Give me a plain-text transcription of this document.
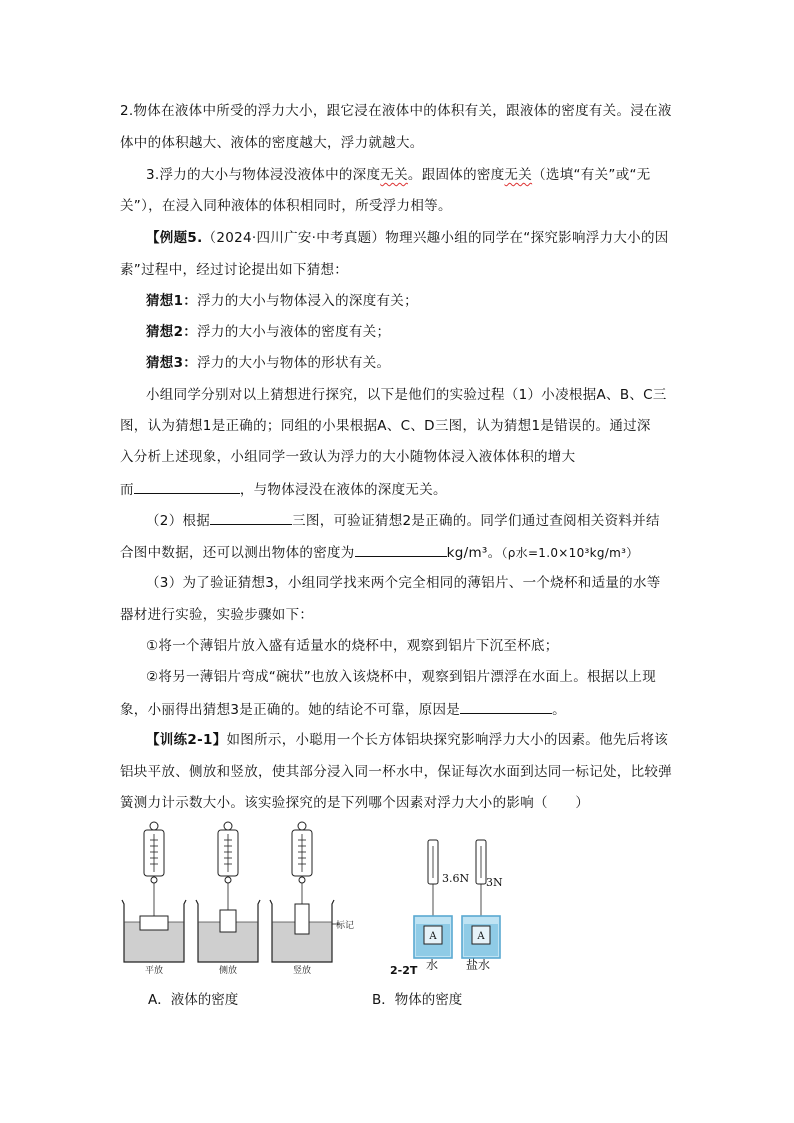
2.物体在液体中所受的浮力大小，跟它浸在液体中的体积有关，跟液体的密度有关。浸在液
体中的体积越大、液体的密度越大，浮力就越大。
3.浮力的大小与物体浸没液体中的深度无关。跟固体的密度无关（选填“有关”或“无
关”），在浸入同种液体的体积相同时，所受浮力相等。
【例题5.（2024·四川广安·中考真题）物理兴趣小组的同学在“探究影响浮力大小的因
素”过程中，经过讨论提出如下猜想：
猜想1：浮力的大小与物体浸入的深度有关；
猜想2：浮力的大小与液体的密度有关；
猜想3：浮力的大小与物体的形状有关。
小组同学分别对以上猜想进行探究，以下是他们的实验过程（1）小凌根据A、B、C三
图，认为猜想1是正确的；同组的小果根据A、C、D三图，认为猜想1是错误的。通过深
入分析上述现象，小组同学一致认为浮力的大小随物体浸入液体体积的增大
而	，与物体浸没在液体的深度无关。
（2）根据	三图，可验证猜想2是正确的。同学们通过查阅相关资料并结
合图中数据，还可以测出物体的密度为	kg/m³。（ρ水=1.0×10³kg/m³）
（3）为了验证猜想3，小组同学找来两个完全相同的薄铝片、一个烧杯和适量的水等
器材进行实验，实验步骤如下：
①将一个薄铝片放入盛有适量水的烧杯中，观察到铝片下沉至杯底；
②将另一薄铝片弯成“碗状”也放入该烧杯中，观察到铝片漂浮在水面上。根据以上现
象，小丽得出猜想3是正确的。她的结论不可靠，原因是	。
【训练2-1】如图所示，小聪用一个长方体铝块探究影响浮力大小的因素。他先后将该
铝块平放、侧放和竖放，使其部分浸入同一杯水中，保证每次水面到达同一标记处，比较弹
簧测力计示数大小。该实验探究的是下列哪个因素对浮力大小的影响（　　）
标记
平放	侧放	竖放
3.6N 3N
A	A
2-2T 水 盐水
A．液体的密度	B．物体的密度
